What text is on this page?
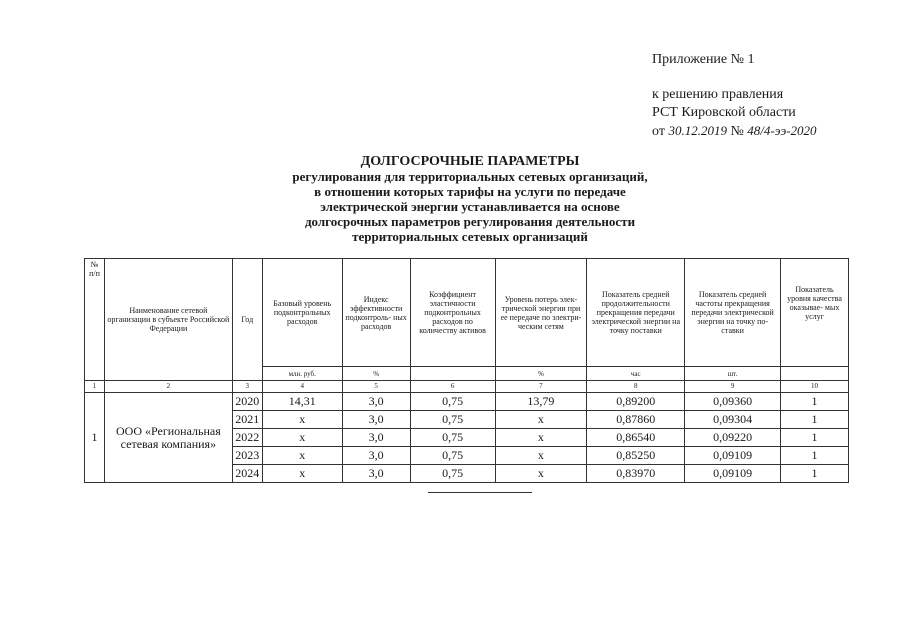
Приложение № 1
к решению правления
РСТ Кировской области
от 30.12.2019 № 48/4-ээ-2020
ДОЛГОСРОЧНЫЕ ПАРАМЕТРЫ
регулирования для территориальных сетевых организаций,
в отношении которых тарифы на услуги по передаче
электрической энергии устанавливается на основе
долгосрочных параметров регулирования деятельности
территориальных сетевых организаций
№ п/п	Наименование сетевой организации в субъекте Российской Федерации	Год	Базовый уровень подконтрольных расходов	Индекс эффективности подконтроль- ных расходов	Коэффициент эластичности подконтрольных расходов по количеству активов	Уровень потерь элек- трической энергии при ее передаче по электри- ческим сетям	Показатель средней продолжительности прекращения передачи электрической энергии на точку поставки	Показатель средней частоты прекращения передачи электрической энергии на точку по- ставки	Показатель уровня качества оказывае- мых услуг
			млн. руб.	%		%	час	шт.	
1	2	3	4	5	6	7	8	9	10
1	ООО «Региональная сетевая компания»	2020	14,31	3,0	0,75	13,79	0,89200	0,09360	1
		2021	х	3,0	0,75	х	0,87860	0,09304	1
		2022	х	3,0	0,75	х	0,86540	0,09220	1
		2023	х	3,0	0,75	х	0,85250	0,09109	1
		2024	х	3,0	0,75	х	0,83970	0,09109	1
